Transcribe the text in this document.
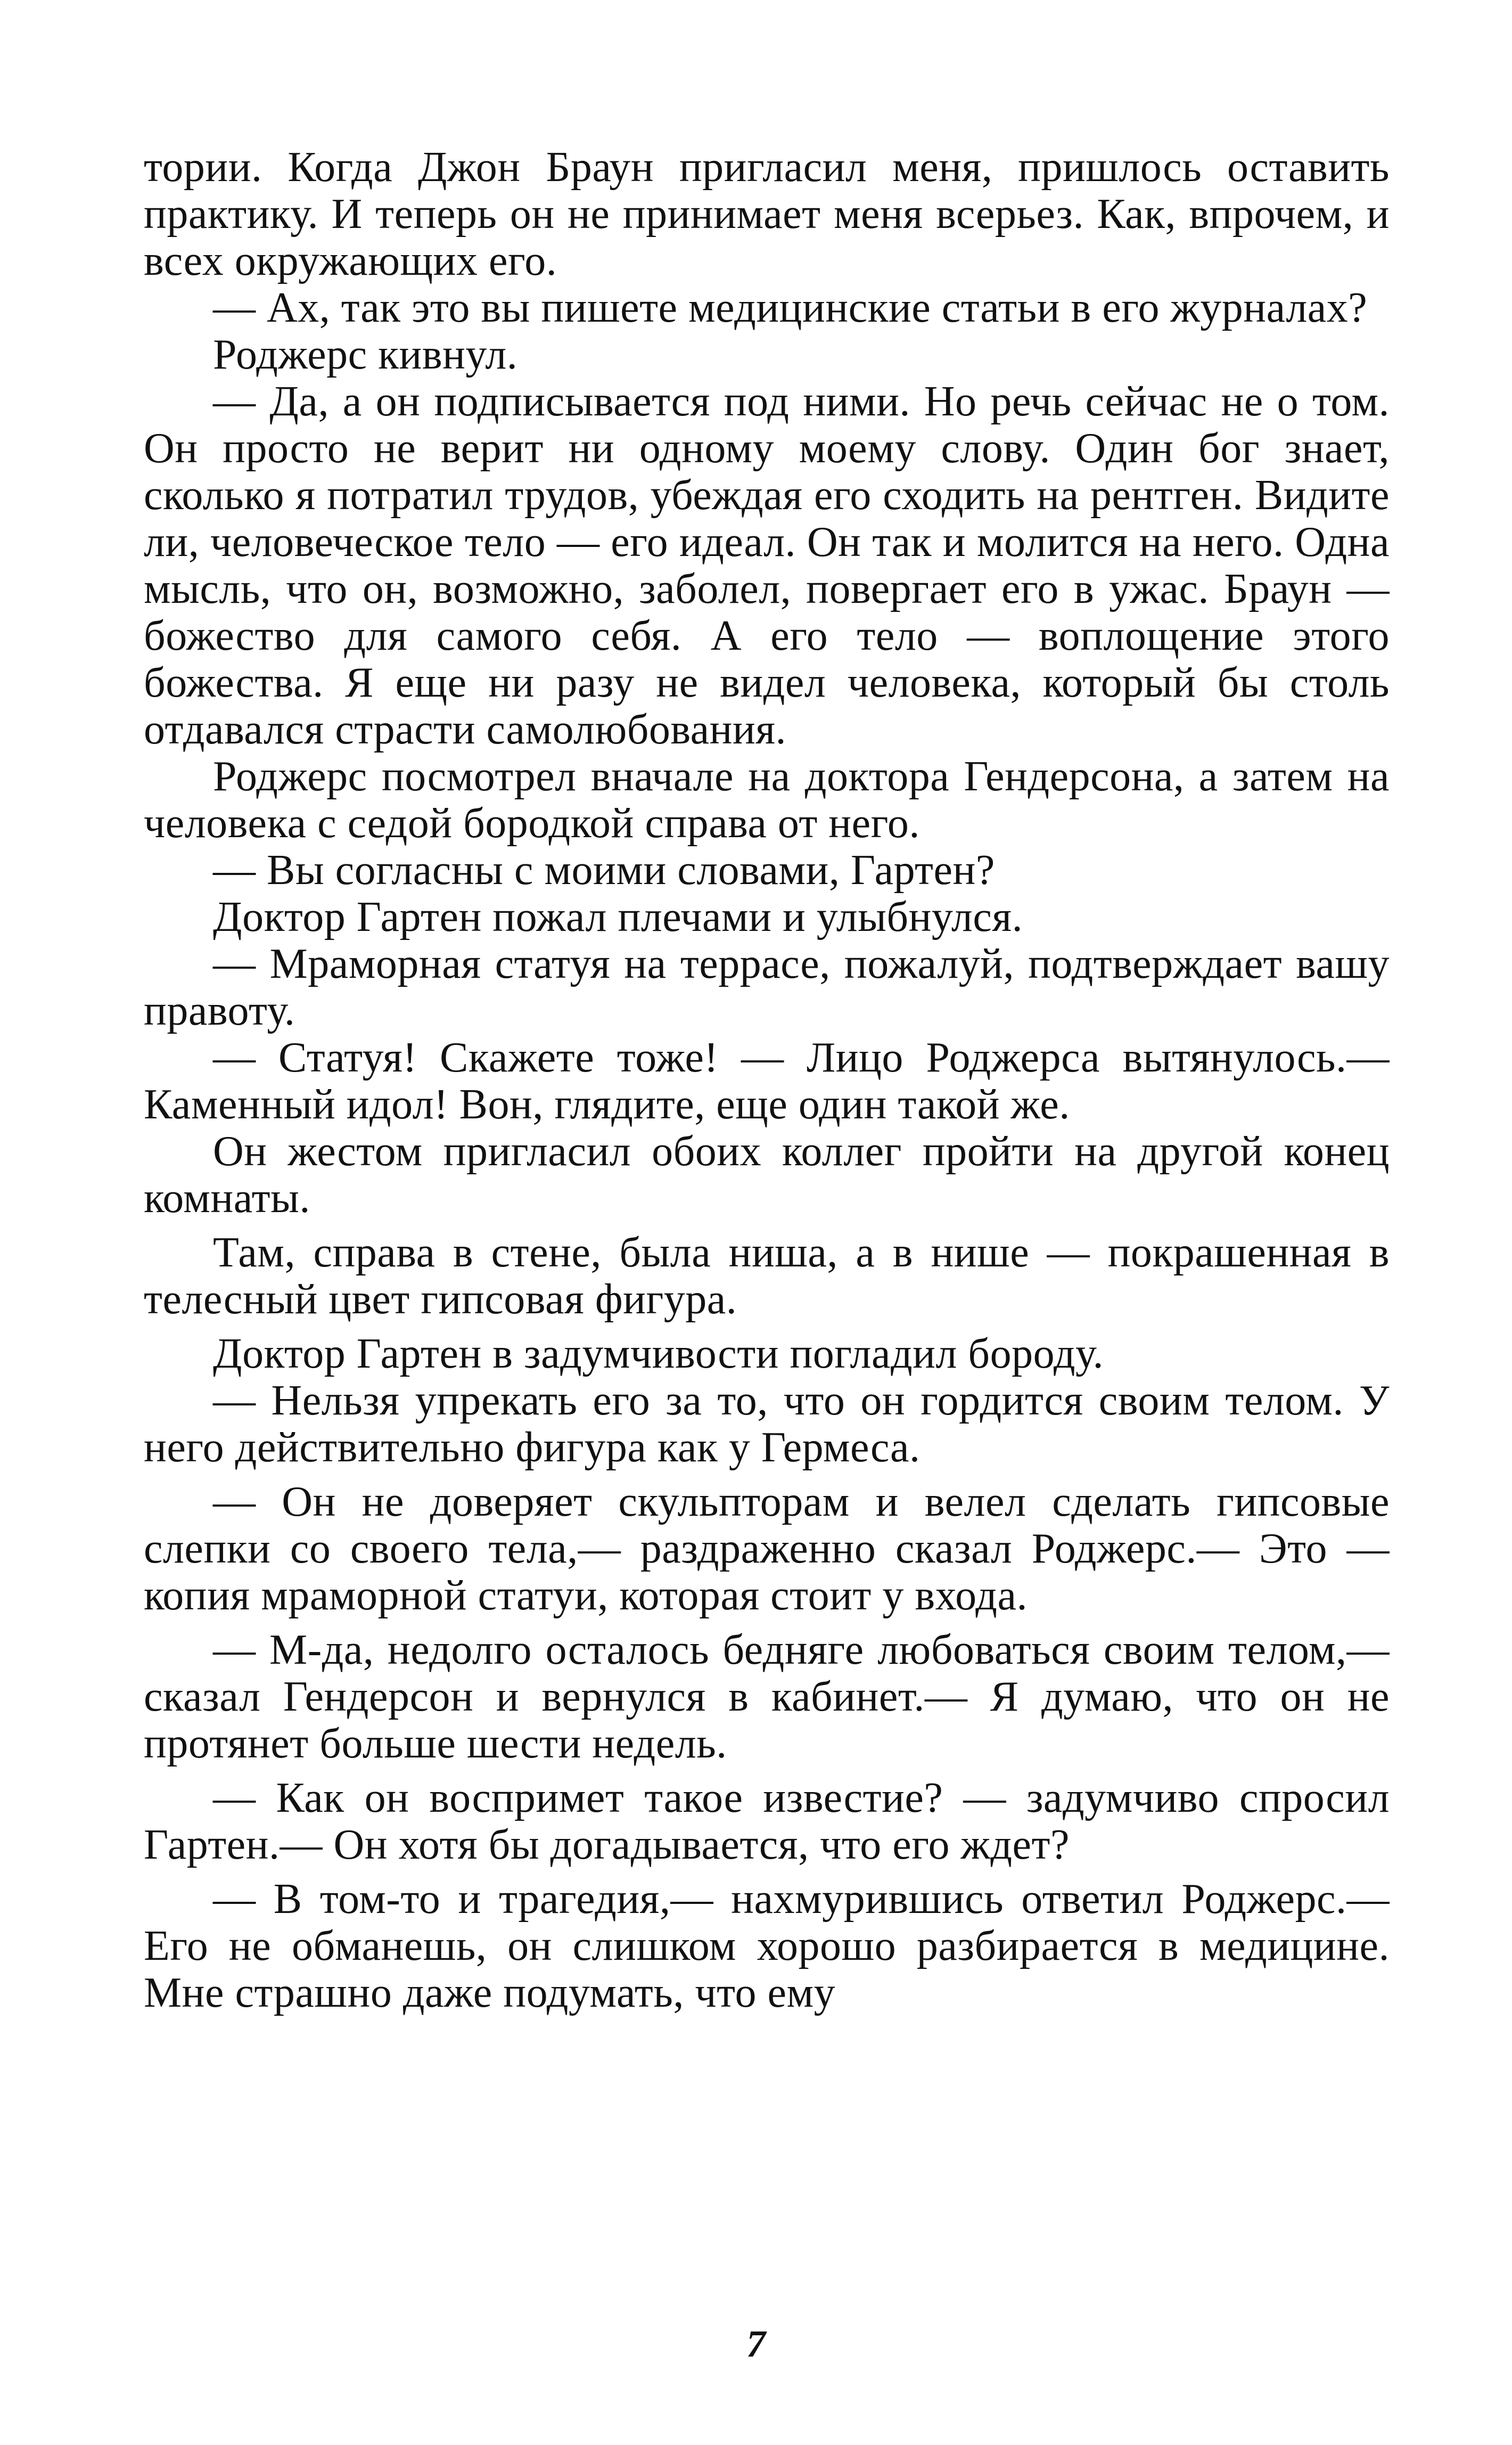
тории. Когда Джон Браун пригласил меня, пришлось оставить практику. И теперь он не принимает меня всерьез. Как, впрочем, и всех окружающих его.

— Ах, так это вы пишете медицинские статьи в его журналах?

Роджерс кивнул.

— Да, а он подписывается под ними. Но речь сейчас не о том. Он просто не верит ни одному моему слову. Один бог знает, сколько я потратил трудов, убеждая его сходить на рентген. Видите ли, человеческое тело — его идеал. Он так и молится на него. Одна мысль, что он, возможно, заболел, повергает его в ужас. Браун — божество для самого себя. А его тело — воплощение этого божества. Я еще ни разу не видел человека, который бы столь отдавался страсти самолюбования.

Роджерс посмотрел вначале на доктора Гендерсона, а затем на человека с седой бородкой справа от него.

— Вы согласны с моими словами, Гартен?

Доктор Гартен пожал плечами и улыбнулся.

— Мраморная статуя на террасе, пожалуй, подтверждает вашу правоту.

— Статуя! Скажете тоже! — Лицо Роджерса вытянулось.— Каменный идол! Вон, глядите, еще один такой же.

Он жестом пригласил обоих коллег пройти на другой конец комнаты.

Там, справа в стене, была ниша, а в нише — покрашенная в телесный цвет гипсовая фигура.

Доктор Гартен в задумчивости погладил бороду.

— Нельзя упрекать его за то, что он гордится своим телом. У него действительно фигура как у Гермеса.

— Он не доверяет скульпторам и велел сделать гипсовые слепки со своего тела,— раздраженно сказал Роджерс.— Это — копия мраморной статуи, которая стоит у входа.

— М-да, недолго осталось бедняге любоваться своим телом,— сказал Гендерсон и вернулся в кабинет.— Я думаю, что он не протянет больше шести недель.

— Как он воспримет такое известие? — задумчиво спросил Гартен.— Он хотя бы догадывается, что его ждет?

— В том-то и трагедия,— нахмурившись ответил Роджерс.— Его не обманешь, он слишком хорошо разбирается в медицине. Мне страшно даже подумать, что ему

7
